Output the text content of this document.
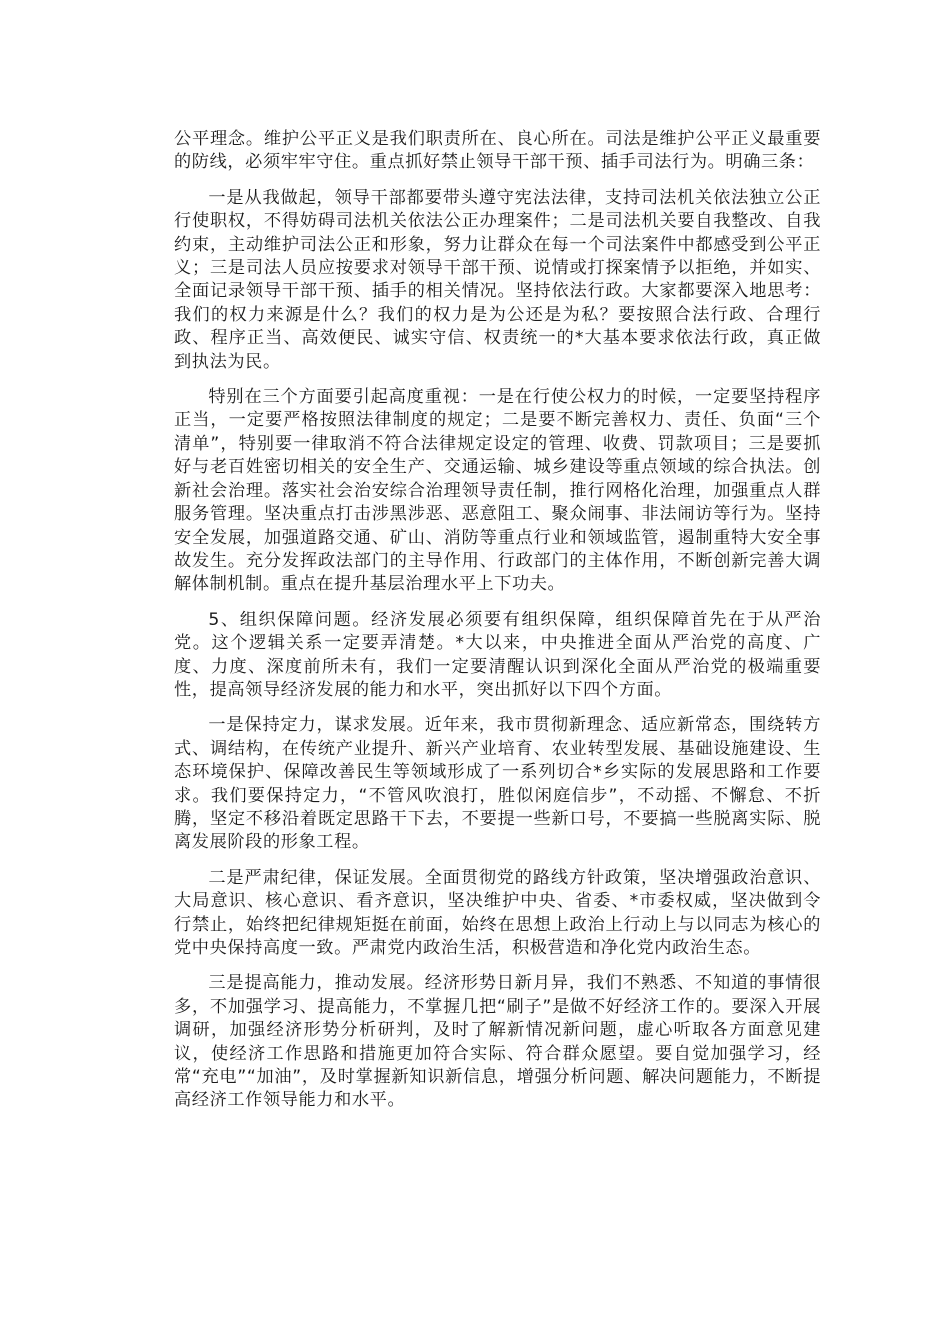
公平理念。维护公平正义是我们职责所在、良心所在。司法是维护公平正义最重要的防线，必须牢牢守住。重点抓好禁止领导干部干预、插手司法行为。明确三条：

一是从我做起，领导干部都要带头遵守宪法法律，支持司法机关依法独立公正行使职权，不得妨碍司法机关依法公正办理案件；二是司法机关要自我整改、自我约束，主动维护司法公正和形象，努力让群众在每一个司法案件中都感受到公平正义；三是司法人员应按要求对领导干部干预、说情或打探案情予以拒绝，并如实、全面记录领导干部干预、插手的相关情况。坚持依法行政。大家都要深入地思考：我们的权力来源是什么？我们的权力是为公还是为私？要按照合法行政、合理行政、程序正当、高效便民、诚实守信、权责统一的*大基本要求依法行政，真正做到执法为民。

特别在三个方面要引起高度重视：一是在行使公权力的时候，一定要坚持程序正当，一定要严格按照法律制度的规定；二是要不断完善权力、责任、负面“三个清单”，特别要一律取消不符合法律规定设定的管理、收费、罚款项目；三是要抓好与老百姓密切相关的安全生产、交通运输、城乡建设等重点领域的综合执法。创新社会治理。落实社会治安综合治理领导责任制，推行网格化治理，加强重点人群服务管理。坚决重点打击涉黑涉恶、恶意阻工、聚众闹事、非法闹访等行为。坚持安全发展，加强道路交通、矿山、消防等重点行业和领域监管，遏制重特大安全事故发生。充分发挥政法部门的主导作用、行政部门的主体作用，不断创新完善大调解体制机制。重点在提升基层治理水平上下功夫。

5、组织保障问题。经济发展必须要有组织保障，组织保障首先在于从严治党。这个逻辑关系一定要弄清楚。*大以来，中央推进全面从严治党的高度、广度、力度、深度前所未有，我们一定要清醒认识到深化全面从严治党的极端重要性，提高领导经济发展的能力和水平，突出抓好以下四个方面。

一是保持定力，谋求发展。近年来，我市贯彻新理念、适应新常态，围绕转方式、调结构，在传统产业提升、新兴产业培育、农业转型发展、基础设施建设、生态环境保护、保障改善民生等领域形成了一系列切合*乡实际的发展思路和工作要求。我们要保持定力，“不管风吹浪打，胜似闲庭信步”，不动摇、不懈怠、不折腾，坚定不移沿着既定思路干下去，不要提一些新口号，不要搞一些脱离实际、脱离发展阶段的形象工程。

二是严肃纪律，保证发展。全面贯彻党的路线方针政策，坚决增强政治意识、大局意识、核心意识、看齐意识，坚决维护中央、省委、*市委权威，坚决做到令行禁止，始终把纪律规矩挺在前面，始终在思想上政治上行动上与以同志为核心的党中央保持高度一致。严肃党内政治生活，积极营造和净化党内政治生态。

三是提高能力，推动发展。经济形势日新月异，我们不熟悉、不知道的事情很多，不加强学习、提高能力，不掌握几把“刷子”是做不好经济工作的。要深入开展调研，加强经济形势分析研判，及时了解新情况新问题，虚心听取各方面意见建议，使经济工作思路和措施更加符合实际、符合群众愿望。要自觉加强学习，经常“充电”“加油”，及时掌握新知识新信息，增强分析问题、解决问题能力，不断提高经济工作领导能力和水平。
